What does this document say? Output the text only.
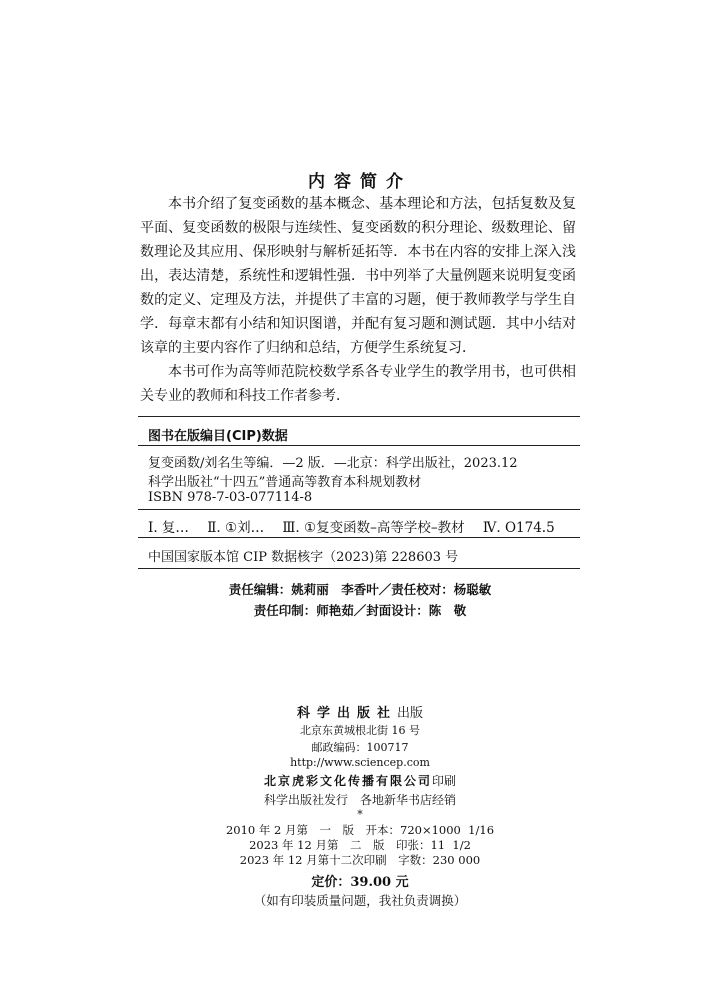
内容简介

本书介绍了复变函数的基本概念、基本理论和方法，包括复数及复平面、复变函数的极限与连续性、复变函数的积分理论、级数理论、留数理论及其应用、保形映射与解析延拓等．本书在内容的安排上深入浅出，表达清楚，系统性和逻辑性强．书中列举了大量例题来说明复变函数的定义、定理及方法，并提供了丰富的习题，便于教师教学与学生自学．每章末都有小结和知识图谱，并配有复习题和测试题．其中小结对该章的主要内容作了归纳和总结，方便学生系统复习．

本书可作为高等师范院校数学系各专业学生的教学用书，也可供相关专业的教师和科技工作者参考．

图书在版编目(CIP)数据
复变函数/刘名生等编．—2 版．—北京：科学出版社，2023.12
科学出版社“十四五”普通高等教育本科规划教材
ISBN 978-7-03-077114-8
Ⅰ. 复… Ⅱ. ①刘… Ⅲ. ①复变函数–高等学校–教材 Ⅳ. O174.5
中国国家版本馆 CIP 数据核字（2023)第 228603 号
责任编辑：姚莉丽　李香叶／责任校对：杨聪敏
责任印制：师艳茹／封面设计：陈　敬
科学出版社出版
北京东黄城根北街 16 号
邮政编码：100717
http://www.sciencep.com
北京虎彩文化传播有限公司印刷
科学出版社发行　各地新华书店经销
*
2010 年 2 月第　一　版　开本：720×1000  1/16
2023 年 12 月第　二　版　印张：11  1/2
2023 年 12 月第十二次印刷　字数：230 000
定价：39.00 元
（如有印装质量问题，我社负责调换）
